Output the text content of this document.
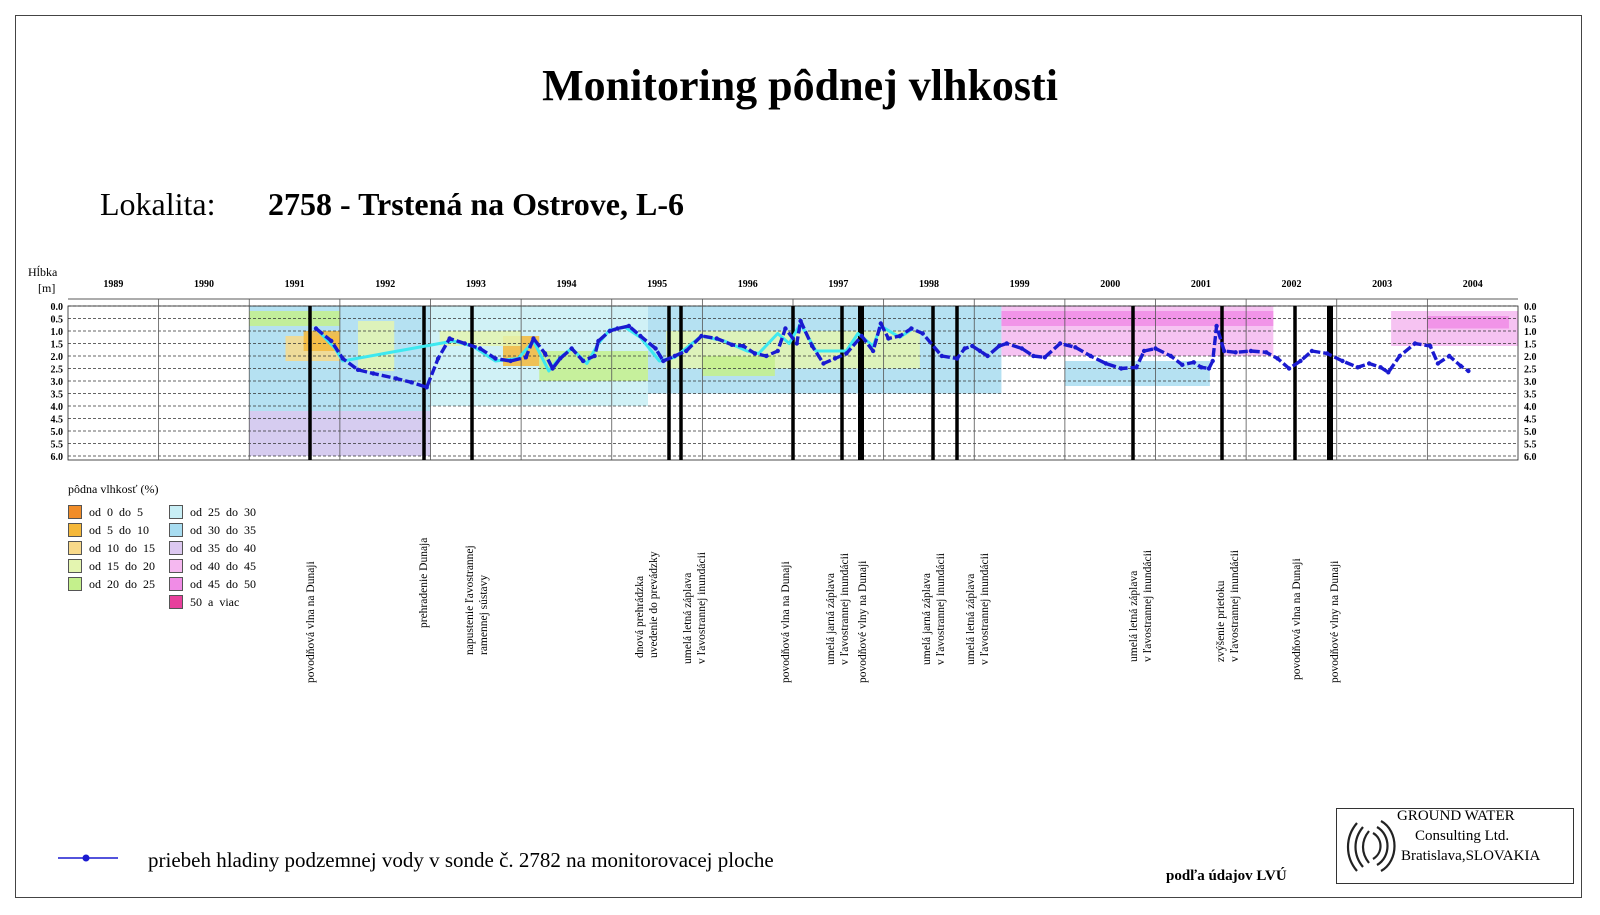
Monitoring pôdnej vlhkosti
Lokalita: 2758 - Trstená na Ostrove, L-6
1989	1990	1991	1992	1993	1994	1995	1996	1997	1998	1999	2000	2001	2002	2003	2004
0.0	0.0
0.5	0.5
1.0	1.0
1.5	1.5
2.0	2.0
2.5	2.5
3.0	3.0
3.5	3.5
4.0	4.0
4.5	4.5
5.0	5.0
5.5	5.5
6.0	6.0
Hĺbka
[m]
pôdna vlhkosť (%)
od 0 do 5
od 5 do 10
od 10 do 15
od 15 do 20
od 20 do 25
od 25 do 30
od 30 do 35
od 35 do 40
od 40 do 45
od 45 do 50
50 a viac
priebeh hladiny podzemnej vody v sonde č. 2782 na monitorovacej ploche
podľa údajov LVÚ
GROUND WATER
Consulting Ltd.
Bratislava,SLOVAKIA
povodňová vlna na Dunaji	prehradenie Dunaja	napustenie ľavostrannej ramennej sústavy	dnová prehrádzka uvedenie do prevádzky umelá letná záplava v ľavostrannej inundácii	povodňová vlna na Dunaji	umelá jarná záplava v ľavostrannej inundácii povodňové vlny na Dunaji	umelá jarná záplava v ľavostrannej inundácii umelá letná záplava v ľavostrannej inundácii	umelá letná záplava v ľavostrannej inundácii	zvýšenie prietoku v ľavostrannej inundácii	povodňová vlna na Dunaji povodňové vlny na Dunaji
